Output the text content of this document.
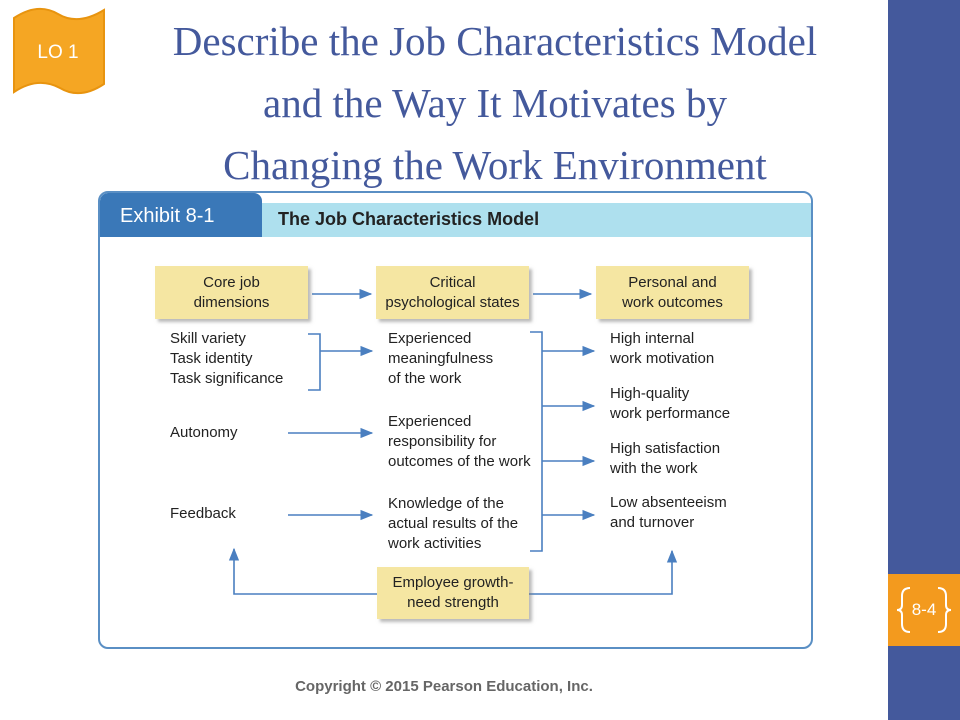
8-4
LO 1	Describe the Job Characteristics Model
and the Way It Motivates by
Changing the Work Environment
Exhibit 8-1	The Job Characteristics Model
Core job
dimensions
Critical
psychological states
Personal and
work outcomes
Skill variety
Task identity
Task significance
Autonomy
Feedback
Experienced
meaningfulness
of the work
Experienced
responsibility for
outcomes of the work
Knowledge of the
actual results of the
work activities
High internal
work motivation
High-quality
work performance
High satisfaction
with the work
Low absenteeism
and turnover
Employee growth-
need strength
Copyright © 2015 Pearson Education, Inc.
